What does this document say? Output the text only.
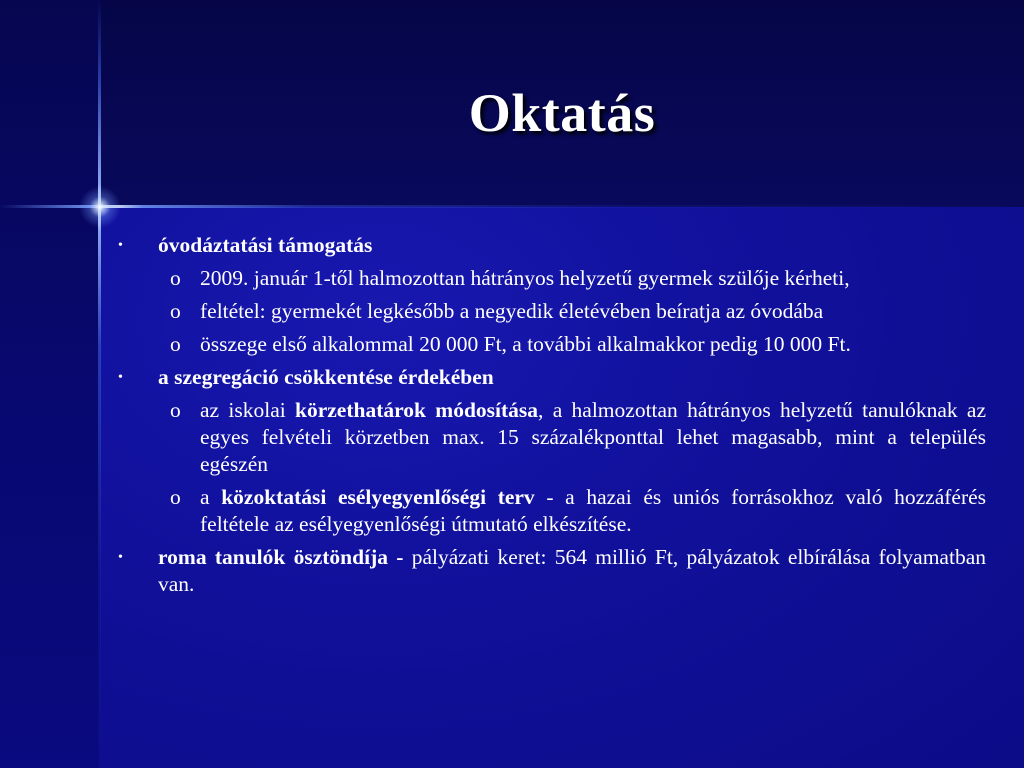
Oktatás
•	óvodáztatási támogatás
o 2009. január 1-től halmozottan hátrányos helyzetű gyermek szülője kérheti,
o feltétel: gyermekét legkésőbb a negyedik életévében beíratja az óvodába
o összege első alkalommal 20 000 Ft, a további alkalmakkor pedig 10 000 Ft.
•	a szegregáció csökkentése érdekében
o az iskolai körzethatárok módosítása, a halmozottan hátrányos helyzetű tanulóknak az egyes felvételi körzetben max. 15 százalékponttal lehet magasabb, mint a település egészén
o a közoktatási esélyegyenlőségi terv - a hazai és uniós forrásokhoz való hozzáférés feltétele az esélyegyenlőségi útmutató elkészítése.
•	roma tanulók ösztöndíja - pályázati keret: 564 millió Ft, pályázatok elbírálása folyamatban van.
